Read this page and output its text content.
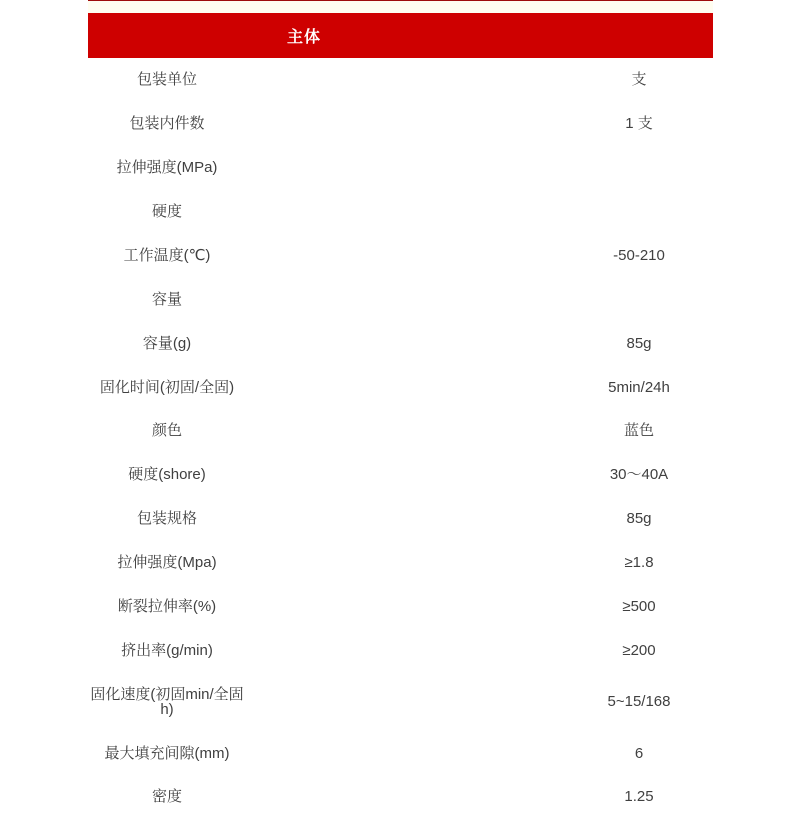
主体
包装单位	支
包装内件数	1 支
拉伸强度(MPa)
硬度
工作温度(℃)	-50-210
容量
容量(g)	85g
固化时间(初固/全固)	5min/24h
颜色	蓝色
硬度(shore)	30～40A
包装规格	85g
拉伸强度(Mpa)	≥1.8
断裂拉伸率(%)	≥500
挤出率(g/min)	≥200
固化速度(初固min/全固h)	5~15/168
最大填充间隙(mm)	6
密度	1.25
